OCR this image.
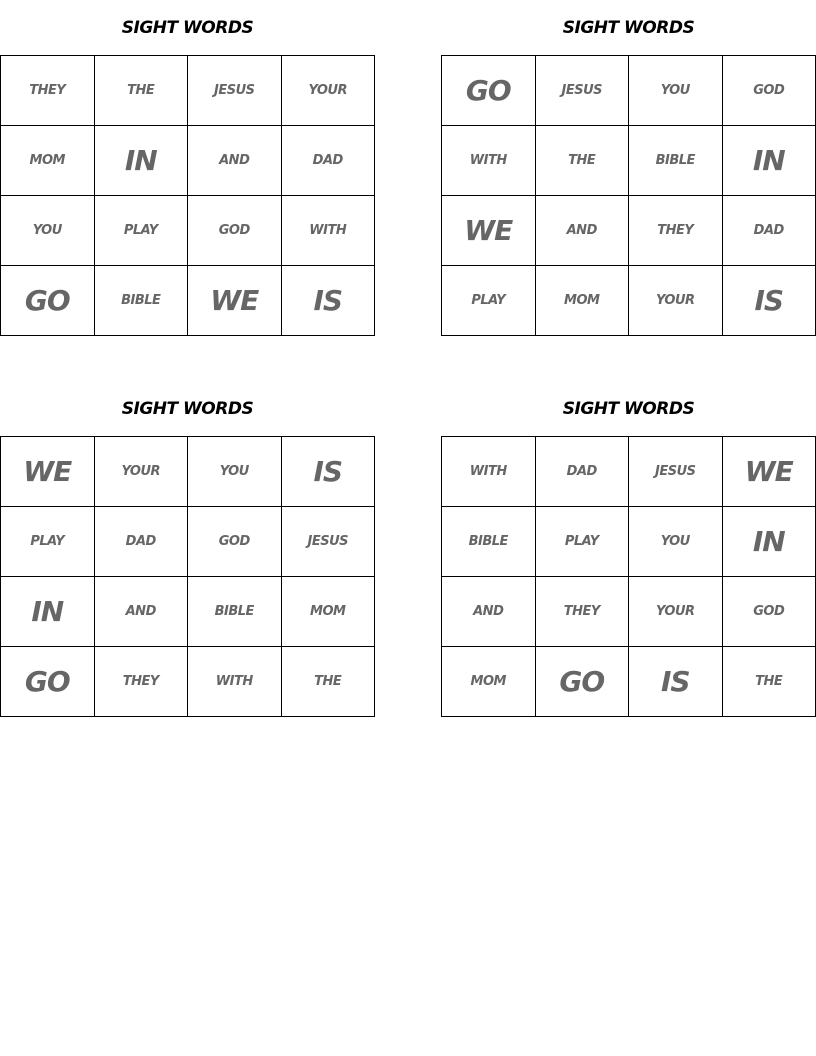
SIGHT WORDS
THEY	THE	JESUS	YOUR
MOM	IN	AND	DAD
YOU	PLAY	GOD	WITH
GO	BIBLE	WE	IS
SIGHT WORDS
GO	JESUS	YOU	GOD
WITH	THE	BIBLE	IN
WE	AND	THEY	DAD
PLAY	MOM	YOUR	IS
SIGHT WORDS
WE	YOUR	YOU	IS
PLAY	DAD	GOD	JESUS
IN	AND	BIBLE	MOM
GO	THEY	WITH	THE
SIGHT WORDS
WITH	DAD	JESUS	WE
BIBLE	PLAY	YOU	IN
AND	THEY	YOUR	GOD
MOM	GO	IS	THE
